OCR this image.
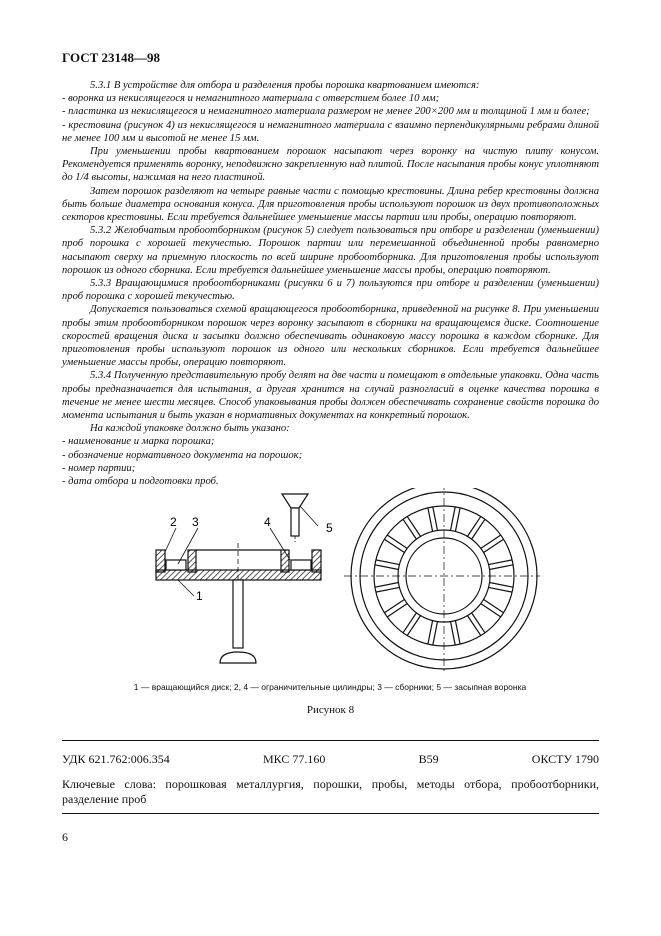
ГОСТ 23148—98

5.3.1 В устройстве для отбора и разделения пробы порошка квартованием имеются:

- воронка из некислящегося и немагнитного материала с отверстием более 10 мм;

- пластинка из некислящегося и немагнитного материала размером не менее 200×200 мм и толщиной 1 мм и более;

- крестовина (рисунок 4) из некислящегося и немагнитного материала с взаимно перпендикулярными ребрами длиной не менее 100 мм и высотой не менее 15 мм.

При уменьшении пробы квартованием порошок насыпают через воронку на чистую плиту конусом. Рекомендуется применять воронку, неподвижно закрепленную над плитой. После насыпания пробы конус уплотняют до 1/4 высоты, нажимая на него пластиной.

Затем порошок разделяют на четыре равные части с помощью крестовины. Длина ребер крестовины должна быть больше диаметра основания конуса. Для приготовления пробы используют порошок из двух противоположных секторов крестовины. Если требуется дальнейшее уменьшение массы партии или пробы, операцию повторяют.

5.3.2 Желобчатым пробоотборником (рисунок 5) следует пользоваться при отборе и разделении (уменьшении) проб порошка с хорошей текучестью. Порошок партии или перемешанной объединенной пробы равномерно насыпают сверху на приемную плоскость по всей ширине пробоотборника. Для приготовления пробы используют порошок из одного сборника. Если требуется дальнейшее уменьшение массы пробы, операцию повторяют.

5.3.3 Вращающимися пробоотборниками (рисунки 6 и 7) пользуются при отборе и разделении (уменьшении) проб порошка с хорошей текучестью.

Допускается пользоваться схемой вращающегося пробоотборника, приведенной на рисунке 8. При уменьшении пробы этим пробоотборником порошок через воронку засыпают в сборники на вращающемся диске. Соотношение скоростей вращения диска и засыпки должно обеспечивать одинаковую массу порошка в каждом сборнике. Для приготовления пробы используют порошок из одного или нескольких сборников. Если требуется дальнейшее уменьшение массы пробы, операцию повторяют.

5.3.4 Полученную представительную пробу делят на две части и помещают в отдельные упаковки. Одна часть пробы предназначается для испытания, а другая хранится на случай разногласий в оценке качества порошка в течение не менее шести месяцев. Способ упаковывания пробы должен обеспечивать сохранение свойств порошка до момента испытания и быть указан в нормативных документах на конкретный порошок.

На каждой упаковке должно быть указано:

- наименование и марка порошка;

- обозначение нормативного документа на порошок;

- номер партии;

- дата отбора и подготовки проб.

2 3	4	5
1
1 — вращающийся диск; 2, 4 — ограничительные цилиндры; 3 — сборники; 5 — засыпная воронка
Рисунок 8
УДК 621.762:006.354	МКС 77.160	В59	ОКСТУ 1790
Ключевые слова: порошковая металлургия, порошки, пробы, методы отбора, пробоотборники, разделение проб
6
